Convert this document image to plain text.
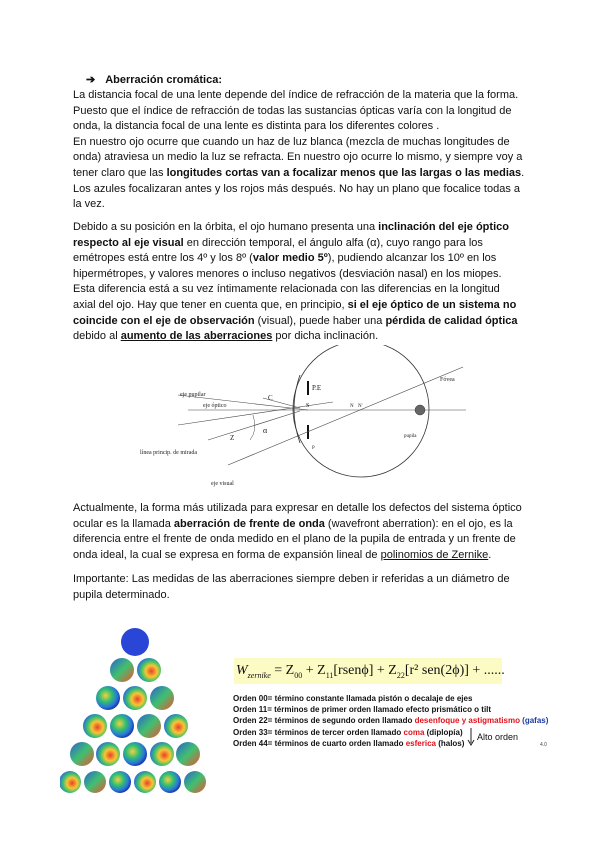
➔ Aberración cromática:

La distancia focal de una lente depende del índice de refracción de la materia que la forma.

Puesto que el índice de refracción de todas las sustancias ópticas varía con la longitud de

onda, la distancia focal de una lente es distinta para los diferentes colores .

En nuestro ojo ocurre que cuando un haz de luz blanca (mezcla de muchas longitudes de

onda) atraviesa un medio la luz se refracta. En nuestro ojo ocurre lo mismo, y siempre voy a

tener claro que las longitudes cortas van a focalizar menos que las largas o las medias.

Los azules focalizaran antes y los rojos más después. No hay un plano que focalice todas a

la vez.

Debido a su posición en la órbita, el ojo humano presenta una inclinación del eje óptico

respecto al eje visual en dirección temporal, el ángulo alfa (α), cuyo rango para los

emétropes está entre los 4º y los 8º (valor medio 5º), pudiendo alcanzar los 10º en los

hipermétropes, y valores menores o incluso negativos (desviación nasal) en los miopes.

Esta diferencia está a su vez íntimamente relacionada con las diferencias en la longitud

axial del ojo. Hay que tener en cuenta que, en principio, si el eje óptico de un sistema no

coincide con el eje de observación (visual), puede haber una pérdida de calidad óptica

debido al aumento de las aberraciones por dicha inclinación.

eje óptico
eje pupilar
línea princip. de mirada
eje visual
C
S
Z
α
P.E
P
N N'
pupila
Fóvea

Actualmente, la forma más utilizada para expresar en detalle los defectos del sistema óptico

ocular es la llamada aberración de frente de onda (wavefront aberration): en el ojo, es la

diferencia entre el frente de onda medido en el plano de la pupila de entrada y un frente de

onda ideal, la cual se expresa en forma de expansión lineal de polinomios de Zernike.

Importante: Las medidas de las aberraciones siempre deben ir referidas a un diámetro de

pupila determinado.

$W_{zernike} = Z_{00}$ + $Z_{11}[rsen\phi] + Z_{22}[r^2$ sen(2ϕ)] + ......
Orden 00= término constante llamada pistón o decalaje de ejes
Orden 11= términos de primer orden llamado efecto prismático o tilt
Orden 22= términos de segundo orden llamado desenfoque y astigmatismo (gafas)
Orden 33= términos de tercer orden llamado coma (diplopía)
Orden 44= términos de cuarto orden llamado esferica (halos)
Alto orden
4.0
